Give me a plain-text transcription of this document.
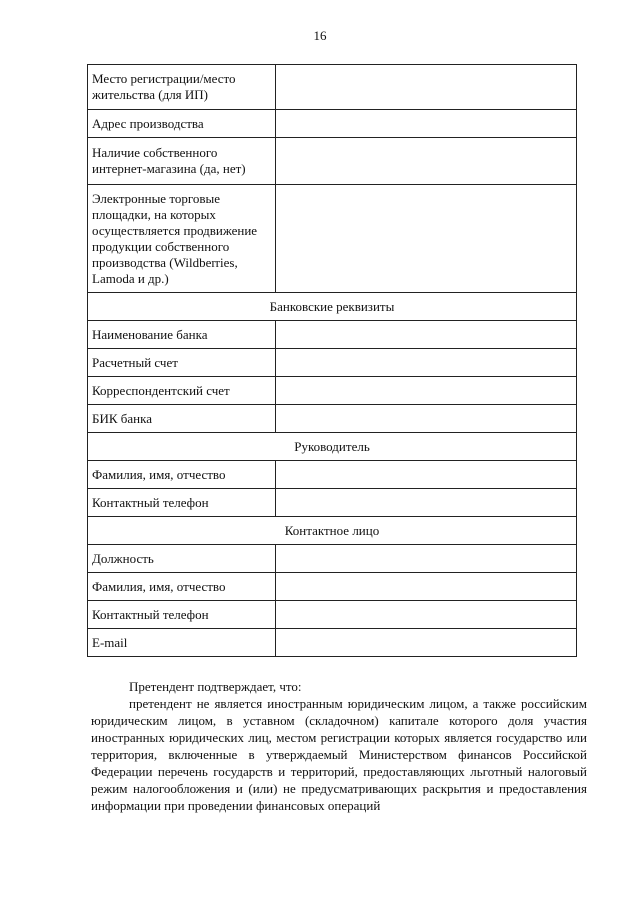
16
Место регистрации/место жительства (для ИП)	
Адрес производства	
Наличие собственного интернет-магазина (да, нет)	
Электронные торговые площадки, на которых осуществляется продвижение продукции собственного производства (Wildberries, Lamoda и др.)	
Банковские реквизиты	
Наименование банка	
Расчетный счет	
Корреспондентский счет	
БИК банка	
Руководитель	
Фамилия, имя, отчество	
Контактный телефон	
Контактное лицо	
Должность	
Фамилия, имя, отчество	
Контактный телефон	
E-mail	

Претендент подтверждает, что:

претендент не является иностранным юридическим лицом, а также российским юридическим лицом, в уставном (складочном) капитале которого доля участия иностранных юридических лиц, местом регистрации которых является государство или территория, включенные в утверждаемый Министерством финансов Российской Федерации перечень государств и территорий, предоставляющих льготный налоговый режим налогообложения и (или) не предусматривающих раскрытия и предоставления информации при проведении финансовых операций
